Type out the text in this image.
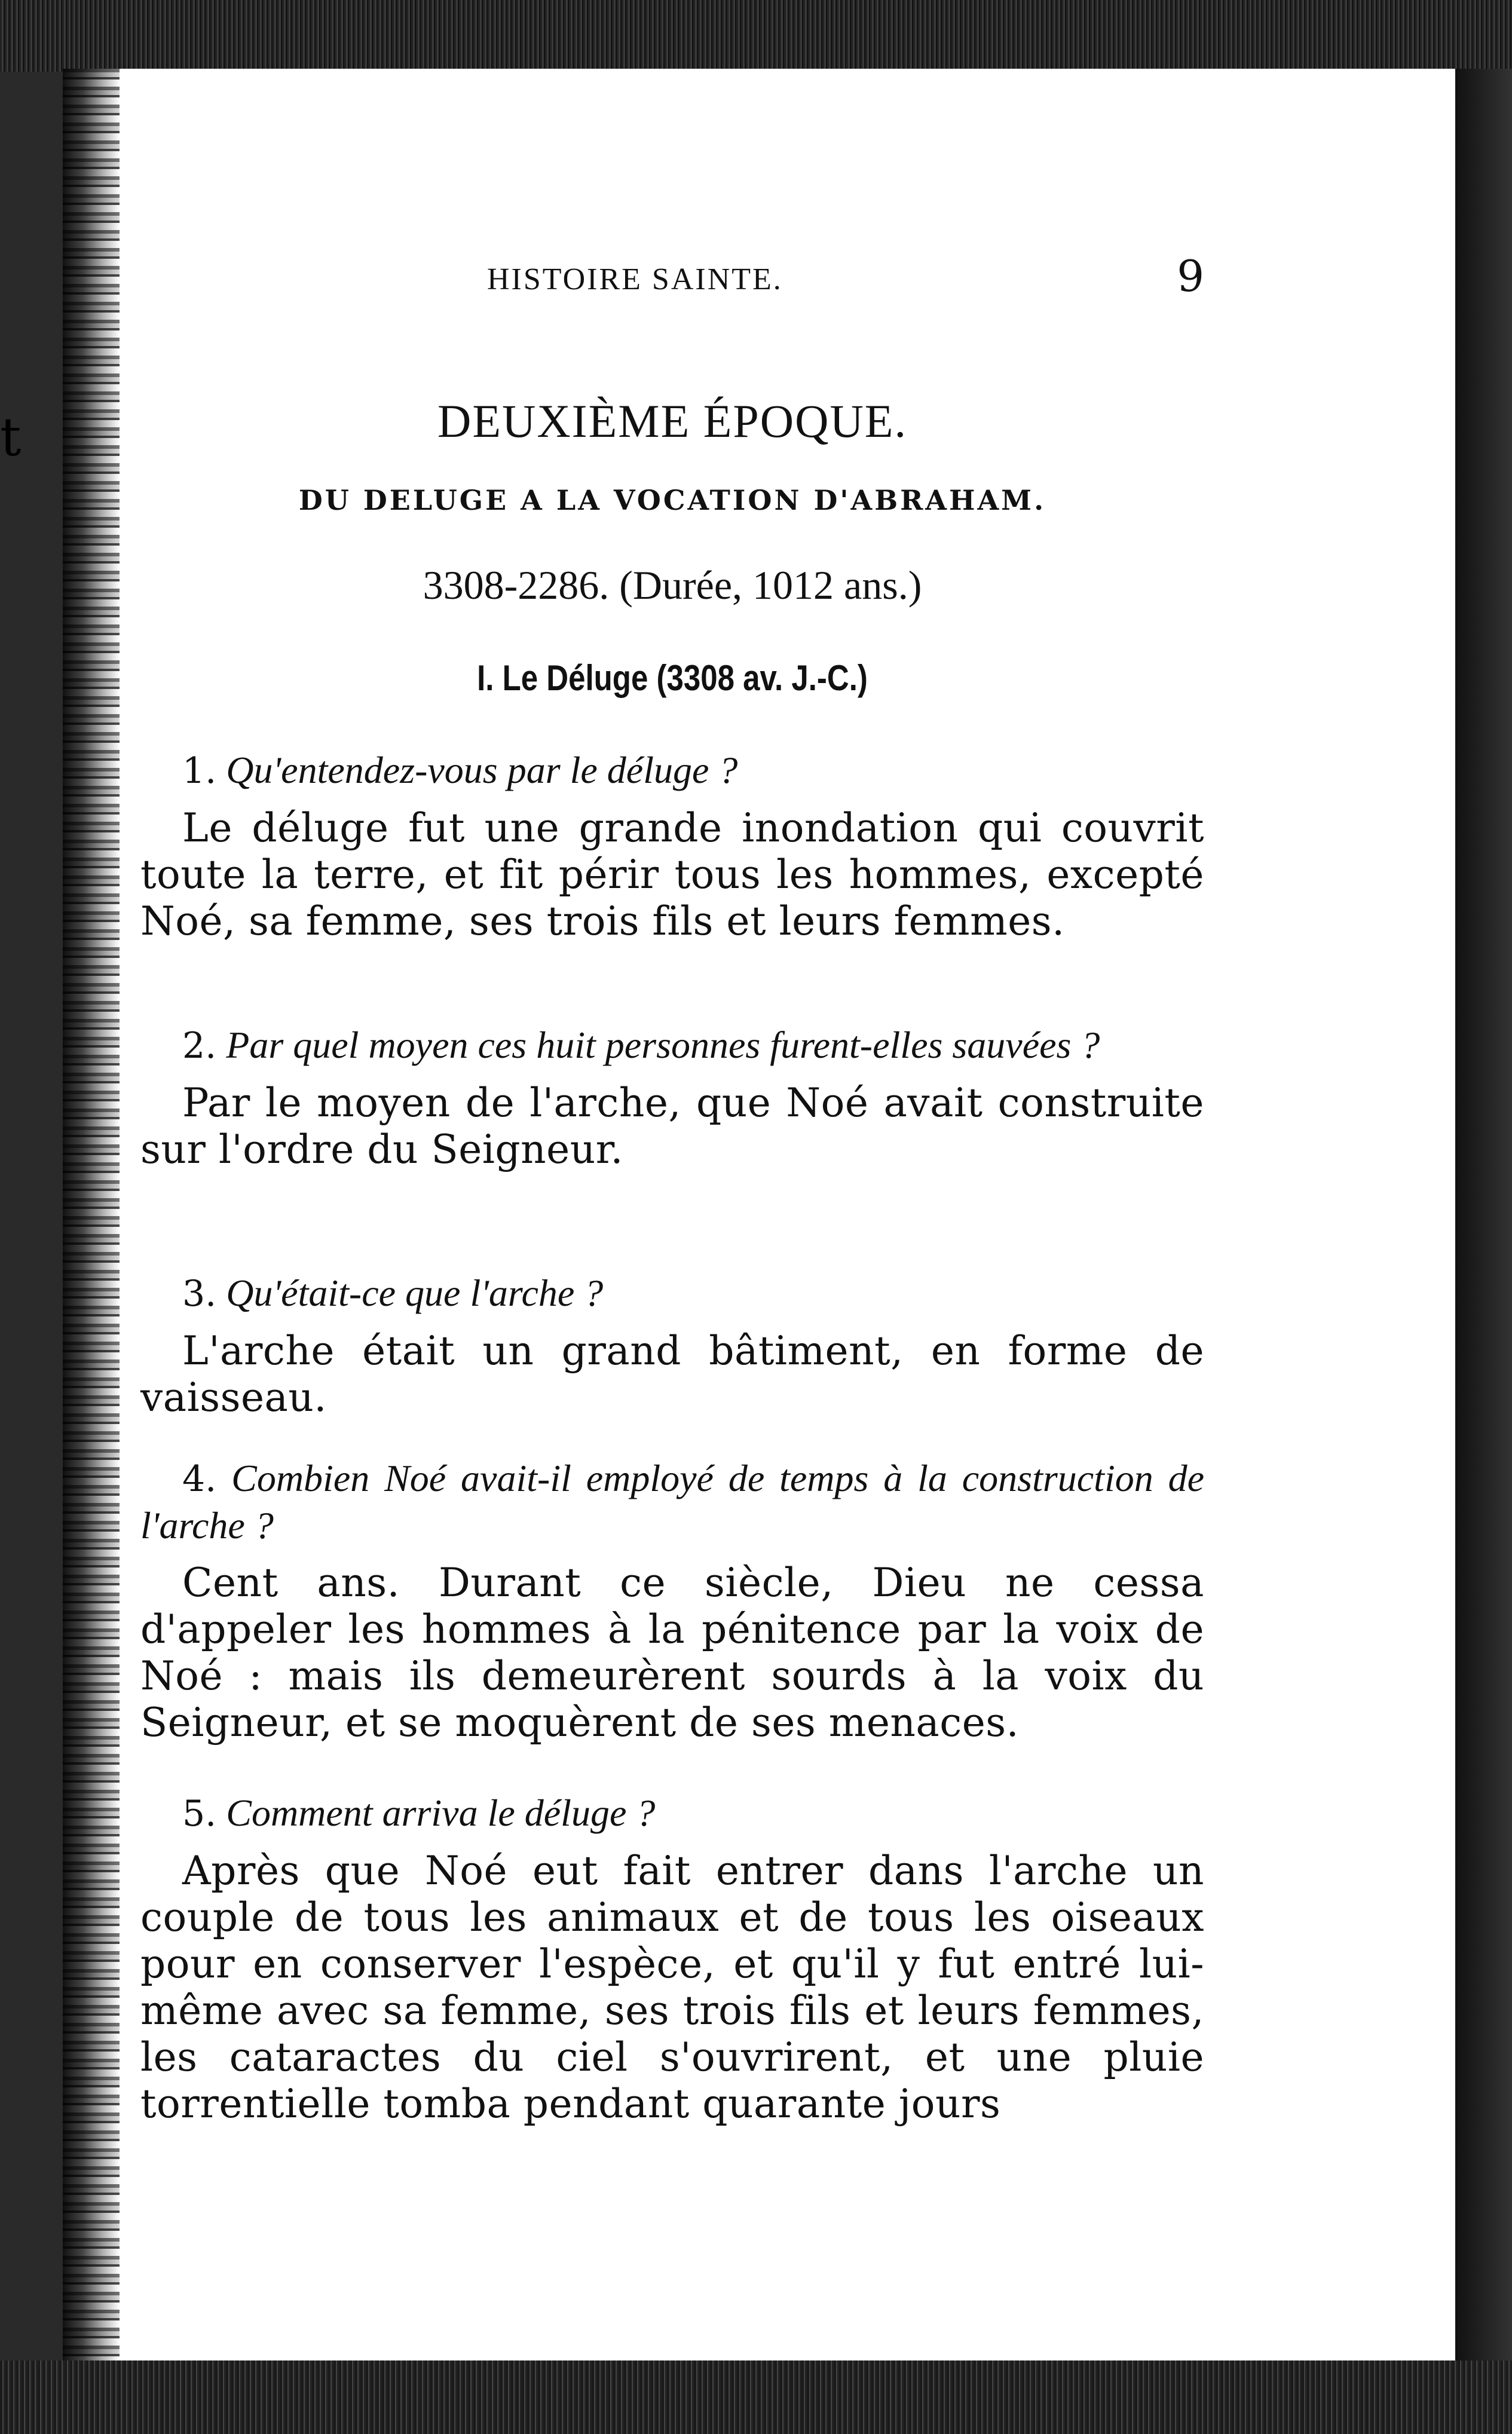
t
HISTOIRE SAINTE.	9
DEUXIÈME ÉPOQUE.
DU DELUGE A LA VOCATION D'ABRAHAM.
3308-2286. (Durée, 1012 ans.)
I. Le Déluge (3308 av. J.-C.)

1. Qu'entendez-vous par le déluge ?

Le déluge fut une grande inondation qui couvrit toute la terre, et fit périr tous les hommes, excepté Noé, sa femme, ses trois fils et leurs femmes.

2. Par quel moyen ces huit personnes furent-elles sauvées ?

Par le moyen de l'arche, que Noé avait construite sur l'ordre du Seigneur.

3. Qu'était-ce que l'arche ?

L'arche était un grand bâtiment, en forme de vaisseau.

4. Combien Noé avait-il employé de temps à la construction de l'arche ?

Cent ans. Durant ce siècle, Dieu ne cessa d'appeler les hommes à la pénitence par la voix de Noé : mais ils demeurèrent sourds à la voix du Seigneur, et se moquèrent de ses menaces.

5. Comment arriva le déluge ?

Après que Noé eut fait entrer dans l'arche un couple de tous les animaux et de tous les oiseaux pour en conserver l'espèce, et qu'il y fut entré lui-même avec sa femme, ses trois fils et leurs femmes, les cataractes du ciel s'ouvrirent, et une pluie torrentielle tomba pendant quarante jours
